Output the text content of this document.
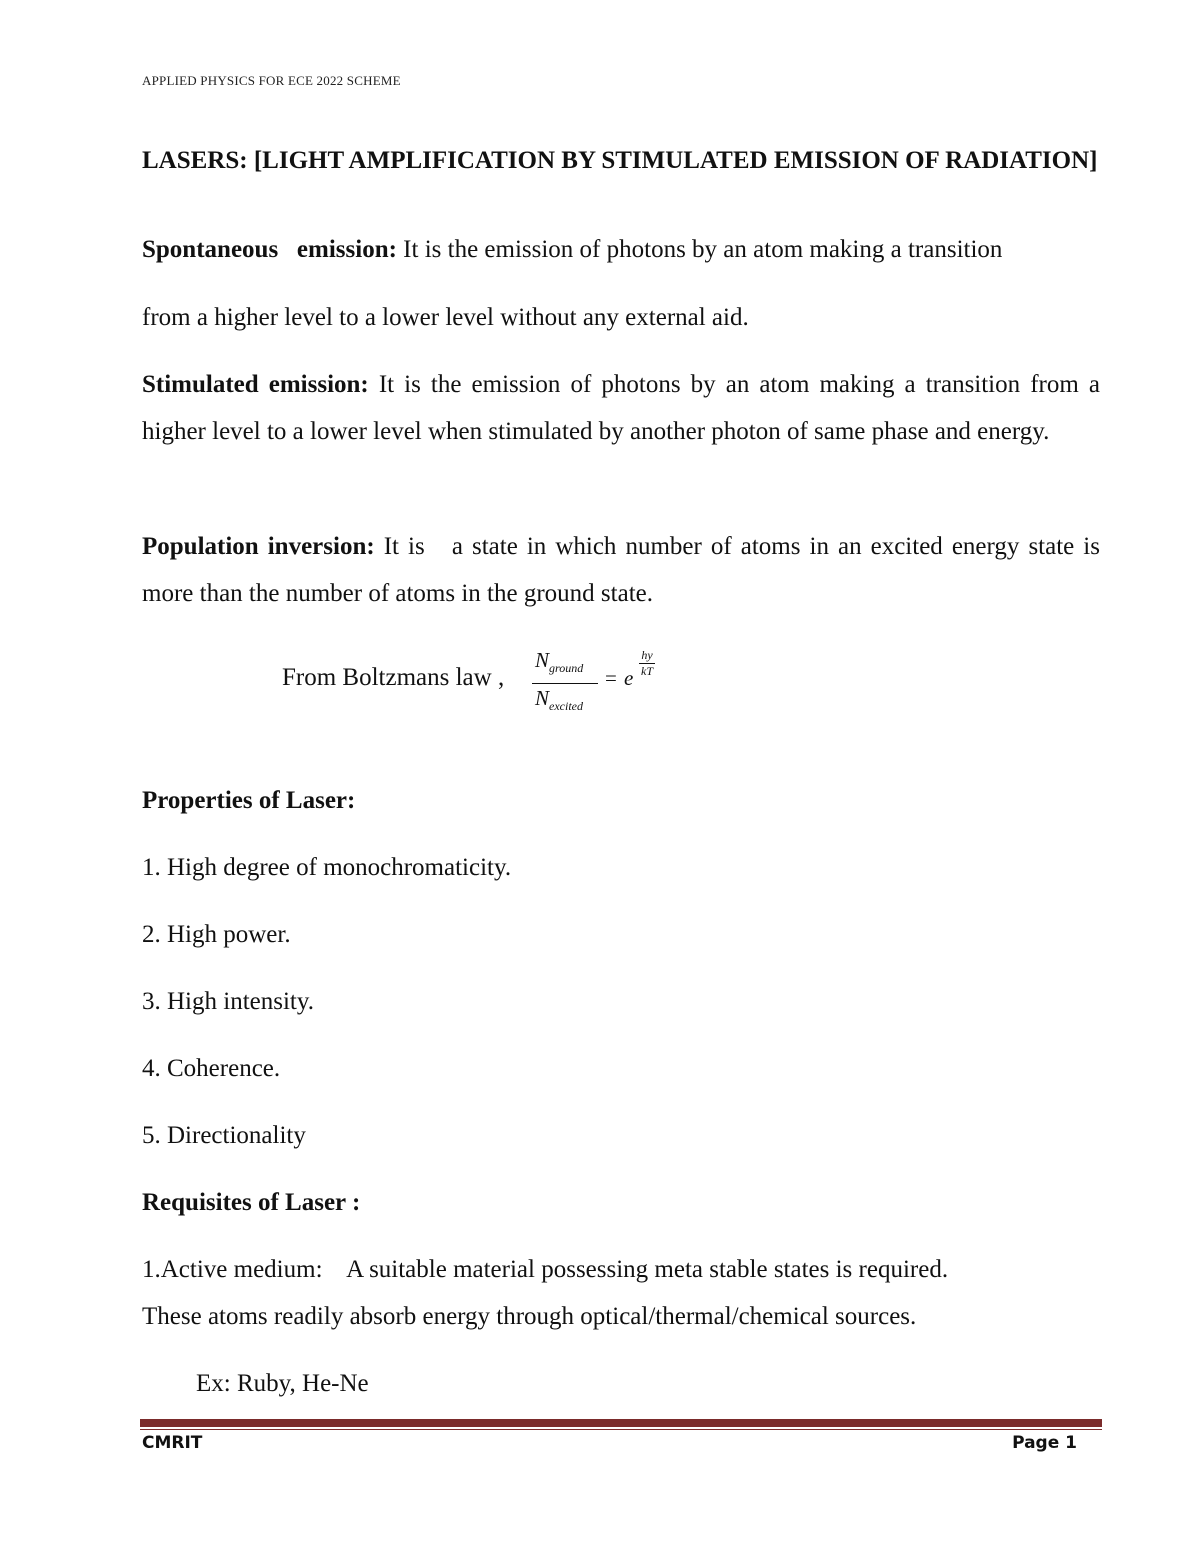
APPLIED PHYSICS FOR ECE 2022 SCHEME
LASERS: [LIGHT AMPLIFICATION BY STIMULATED EMISSION OF RADIATION]
Spontaneous   emission: It is the emission of photons by an atom making a transition
from a higher level to a lower level without any external aid.
Stimulated emission: It is the emission of photons by an atom making a transition from a higher level to a lower level when stimulated by another photon of same phase and energy.
Population inversion: It is   a state in which number of atoms in an excited energy state is more than the number of atoms in the ground state.
From Boltzmans law ,
$N_{ground}$
$N_{excited}$
= e
hy
kT
Properties of Laser:
1. High degree of monochromaticity.
2. High power.
3. High intensity.
4. Coherence.
5. Directionality
Requisites of Laser :
1.Active medium:    A suitable material possessing meta stable states is required.
These atoms readily absorb energy through optical/thermal/chemical sources.
Ex: Ruby, He-Ne
CMRIT	Page 1
